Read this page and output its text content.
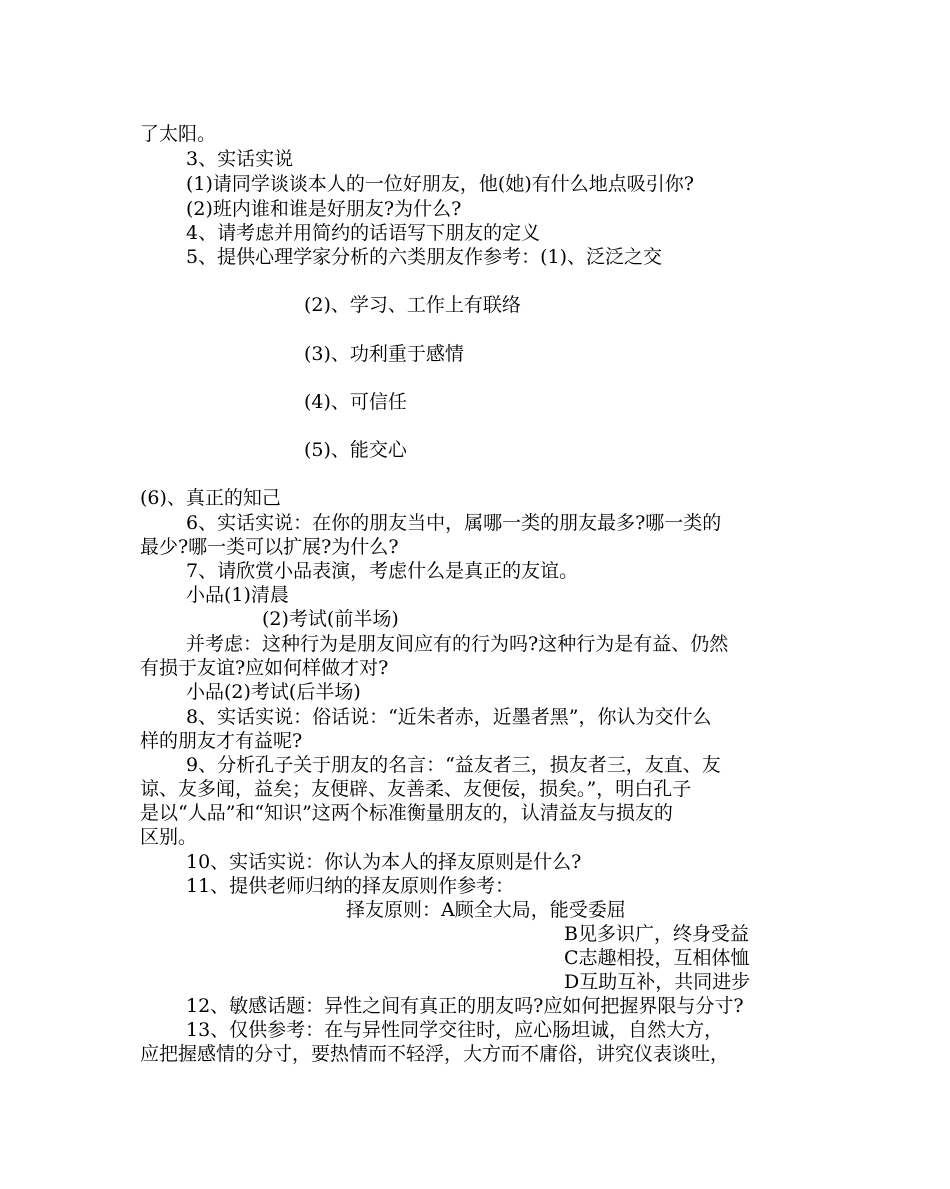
了太阳。

3、实话实说

(1)请同学谈谈本人的一位好朋友，他(她)有什么地点吸引你?

(2)班内谁和谁是好朋友?为什么?

4、请考虑并用简约的话语写下朋友的定义

5、提供心理学家分析的六类朋友作参考：(1)、泛泛之交

(2)、学习、工作上有联络

(3)、功利重于感情

(4)、可信任

(5)、能交心

(6)、真正的知己

6、实话实说：在你的朋友当中，属哪一类的朋友最多?哪一类的

最少?哪一类可以扩展?为什么?

7、请欣赏小品表演，考虑什么是真正的友谊。

小品(1)清晨

(2)考试(前半场)

并考虑：这种行为是朋友间应有的行为吗?这种行为是有益、仍然

有损于友谊?应如何样做才对?

小品(2)考试(后半场)

8、实话实说：俗话说：“近朱者赤，近墨者黑”，你认为交什么

样的朋友才有益呢?

9、分析孔子关于朋友的名言：“益友者三，损友者三，友直、友

谅、友多闻，益矣；友便辟、友善柔、友便佞，损矣。”，明白孔子

是以“人品”和“知识”这两个标准衡量朋友的，认清益友与损友的

区别。

10、实话实说：你认为本人的择友原则是什么?

11、提供老师归纳的择友原则作参考：

择友原则：A顾全大局，能受委屈

B见多识广，终身受益

C志趣相投，互相体恤

D互助互补，共同进步

12、敏感话题：异性之间有真正的朋友吗?应如何把握界限与分寸?

13、仅供参考：在与异性同学交往时，应心肠坦诚，自然大方，

应把握感情的分寸，要热情而不轻浮，大方而不庸俗，讲究仪表谈吐，
